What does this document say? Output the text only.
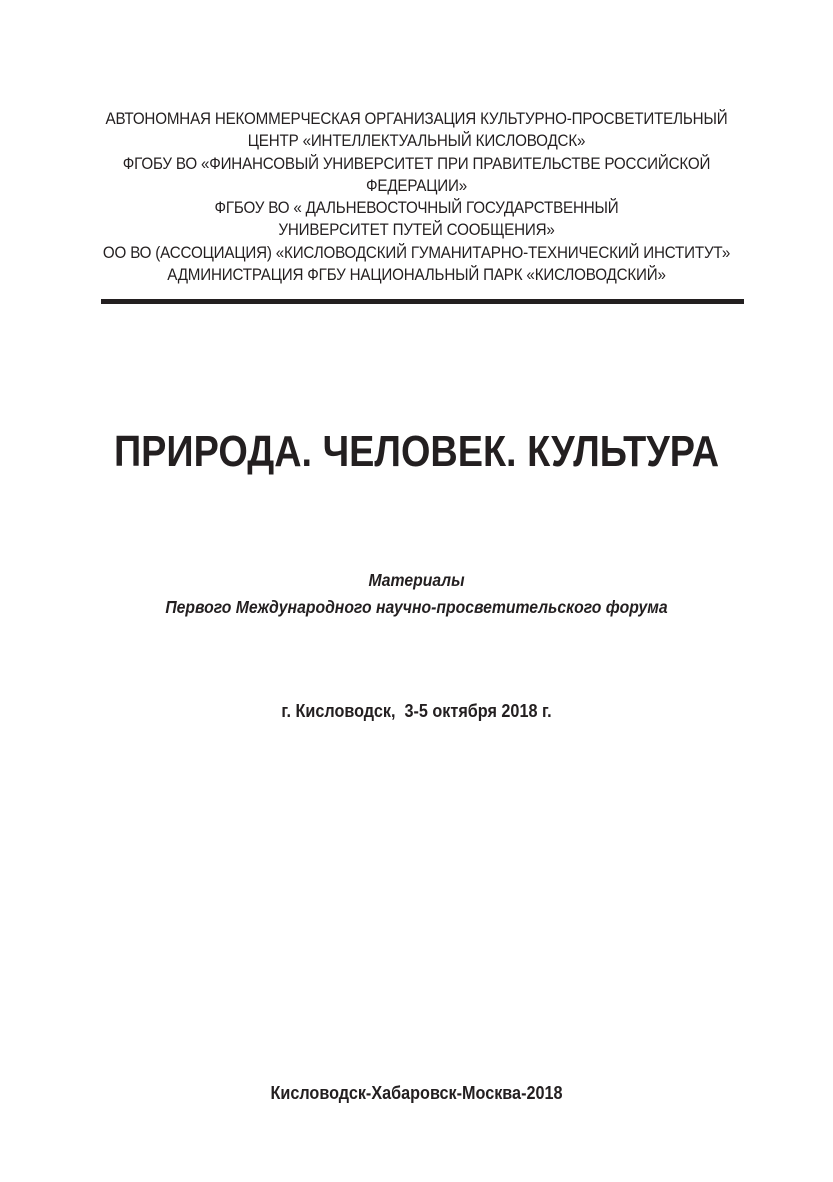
АВТОНОМНАЯ НЕКОММЕРЧЕСКАЯ ОРГАНИЗАЦИЯ КУЛЬТУРНО-ПРОСВЕТИТЕЛЬНЫЙ
ЦЕНТР «ИНТЕЛЛЕКТУАЛЬНЫЙ КИСЛОВОДСК»
ФГОБУ ВО «ФИНАНСОВЫЙ УНИВЕРСИТЕТ ПРИ ПРАВИТЕЛЬСТВЕ РОССИЙСКОЙ
ФЕДЕРАЦИИ»
ФГБОУ ВО « ДАЛЬНЕВОСТОЧНЫЙ ГОСУДАРСТВЕННЫЙ
УНИВЕРСИТЕТ ПУТЕЙ СООБЩЕНИЯ»
ОО ВО (АССОЦИАЦИЯ) «КИСЛОВОДСКИЙ ГУМАНИТАРНО-ТЕХНИЧЕСКИЙ ИНСТИТУТ»
АДМИНИСТРАЦИЯ ФГБУ НАЦИОНАЛЬНЫЙ ПАРК «КИСЛОВОДСКИЙ»
ПРИРОДА. ЧЕЛОВЕК. КУЛЬТУРА
Материалы
Первого Международного научно-просветительского форума
г. Кисловодск,  3-5 октября 2018 г.
Кисловодск-Хабаровск-Москва-2018
